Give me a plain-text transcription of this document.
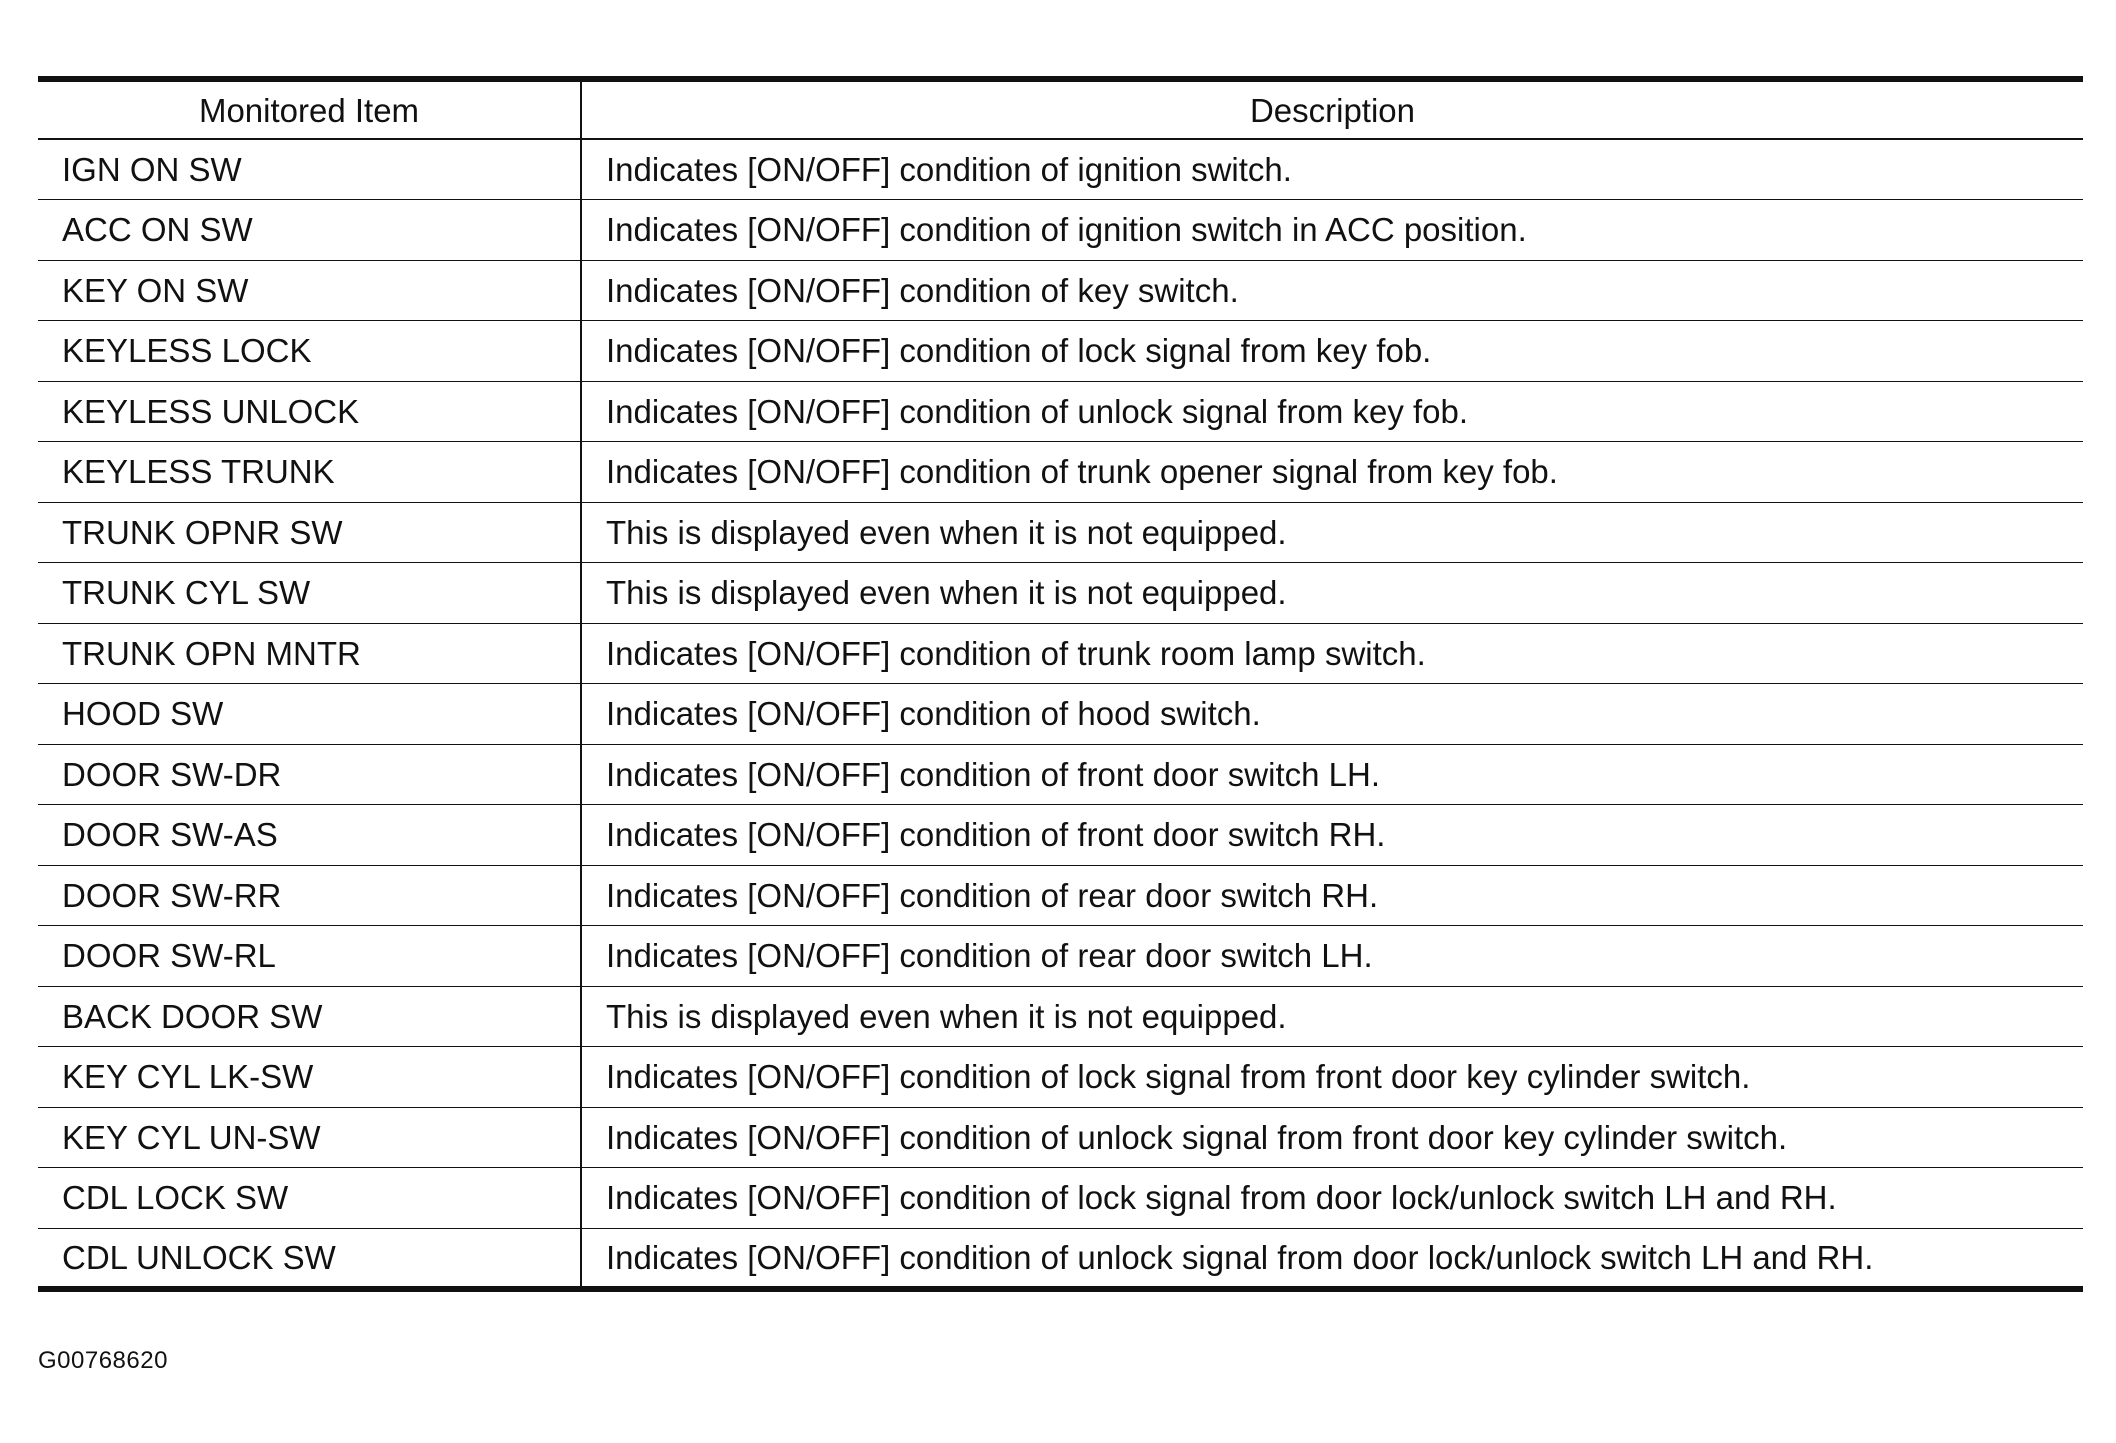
Monitored Item	Description
IGN ON SW	Indicates [ON/OFF] condition of ignition switch.
ACC ON SW	Indicates [ON/OFF] condition of ignition switch in ACC position.
KEY ON SW	Indicates [ON/OFF] condition of key switch.
KEYLESS LOCK	Indicates [ON/OFF] condition of lock signal from key fob.
KEYLESS UNLOCK	Indicates [ON/OFF] condition of unlock signal from key fob.
KEYLESS TRUNK	Indicates [ON/OFF] condition of trunk opener signal from key fob.
TRUNK OPNR SW	This is displayed even when it is not equipped.
TRUNK CYL SW	This is displayed even when it is not equipped.
TRUNK OPN MNTR	Indicates [ON/OFF] condition of trunk room lamp switch.
HOOD SW	Indicates [ON/OFF] condition of hood switch.
DOOR SW-DR	Indicates [ON/OFF] condition of front door switch LH.
DOOR SW-AS	Indicates [ON/OFF] condition of front door switch RH.
DOOR SW-RR	Indicates [ON/OFF] condition of rear door switch RH.
DOOR SW-RL	Indicates [ON/OFF] condition of rear door switch LH.
BACK DOOR SW	This is displayed even when it is not equipped.
KEY CYL LK-SW	Indicates [ON/OFF] condition of lock signal from front door key cylinder switch.
KEY CYL UN-SW	Indicates [ON/OFF] condition of unlock signal from front door key cylinder switch.
CDL LOCK SW	Indicates [ON/OFF] condition of lock signal from door lock/unlock switch LH and RH.
CDL UNLOCK SW	Indicates [ON/OFF] condition of unlock signal from door lock/unlock switch LH and RH.
G00768620
